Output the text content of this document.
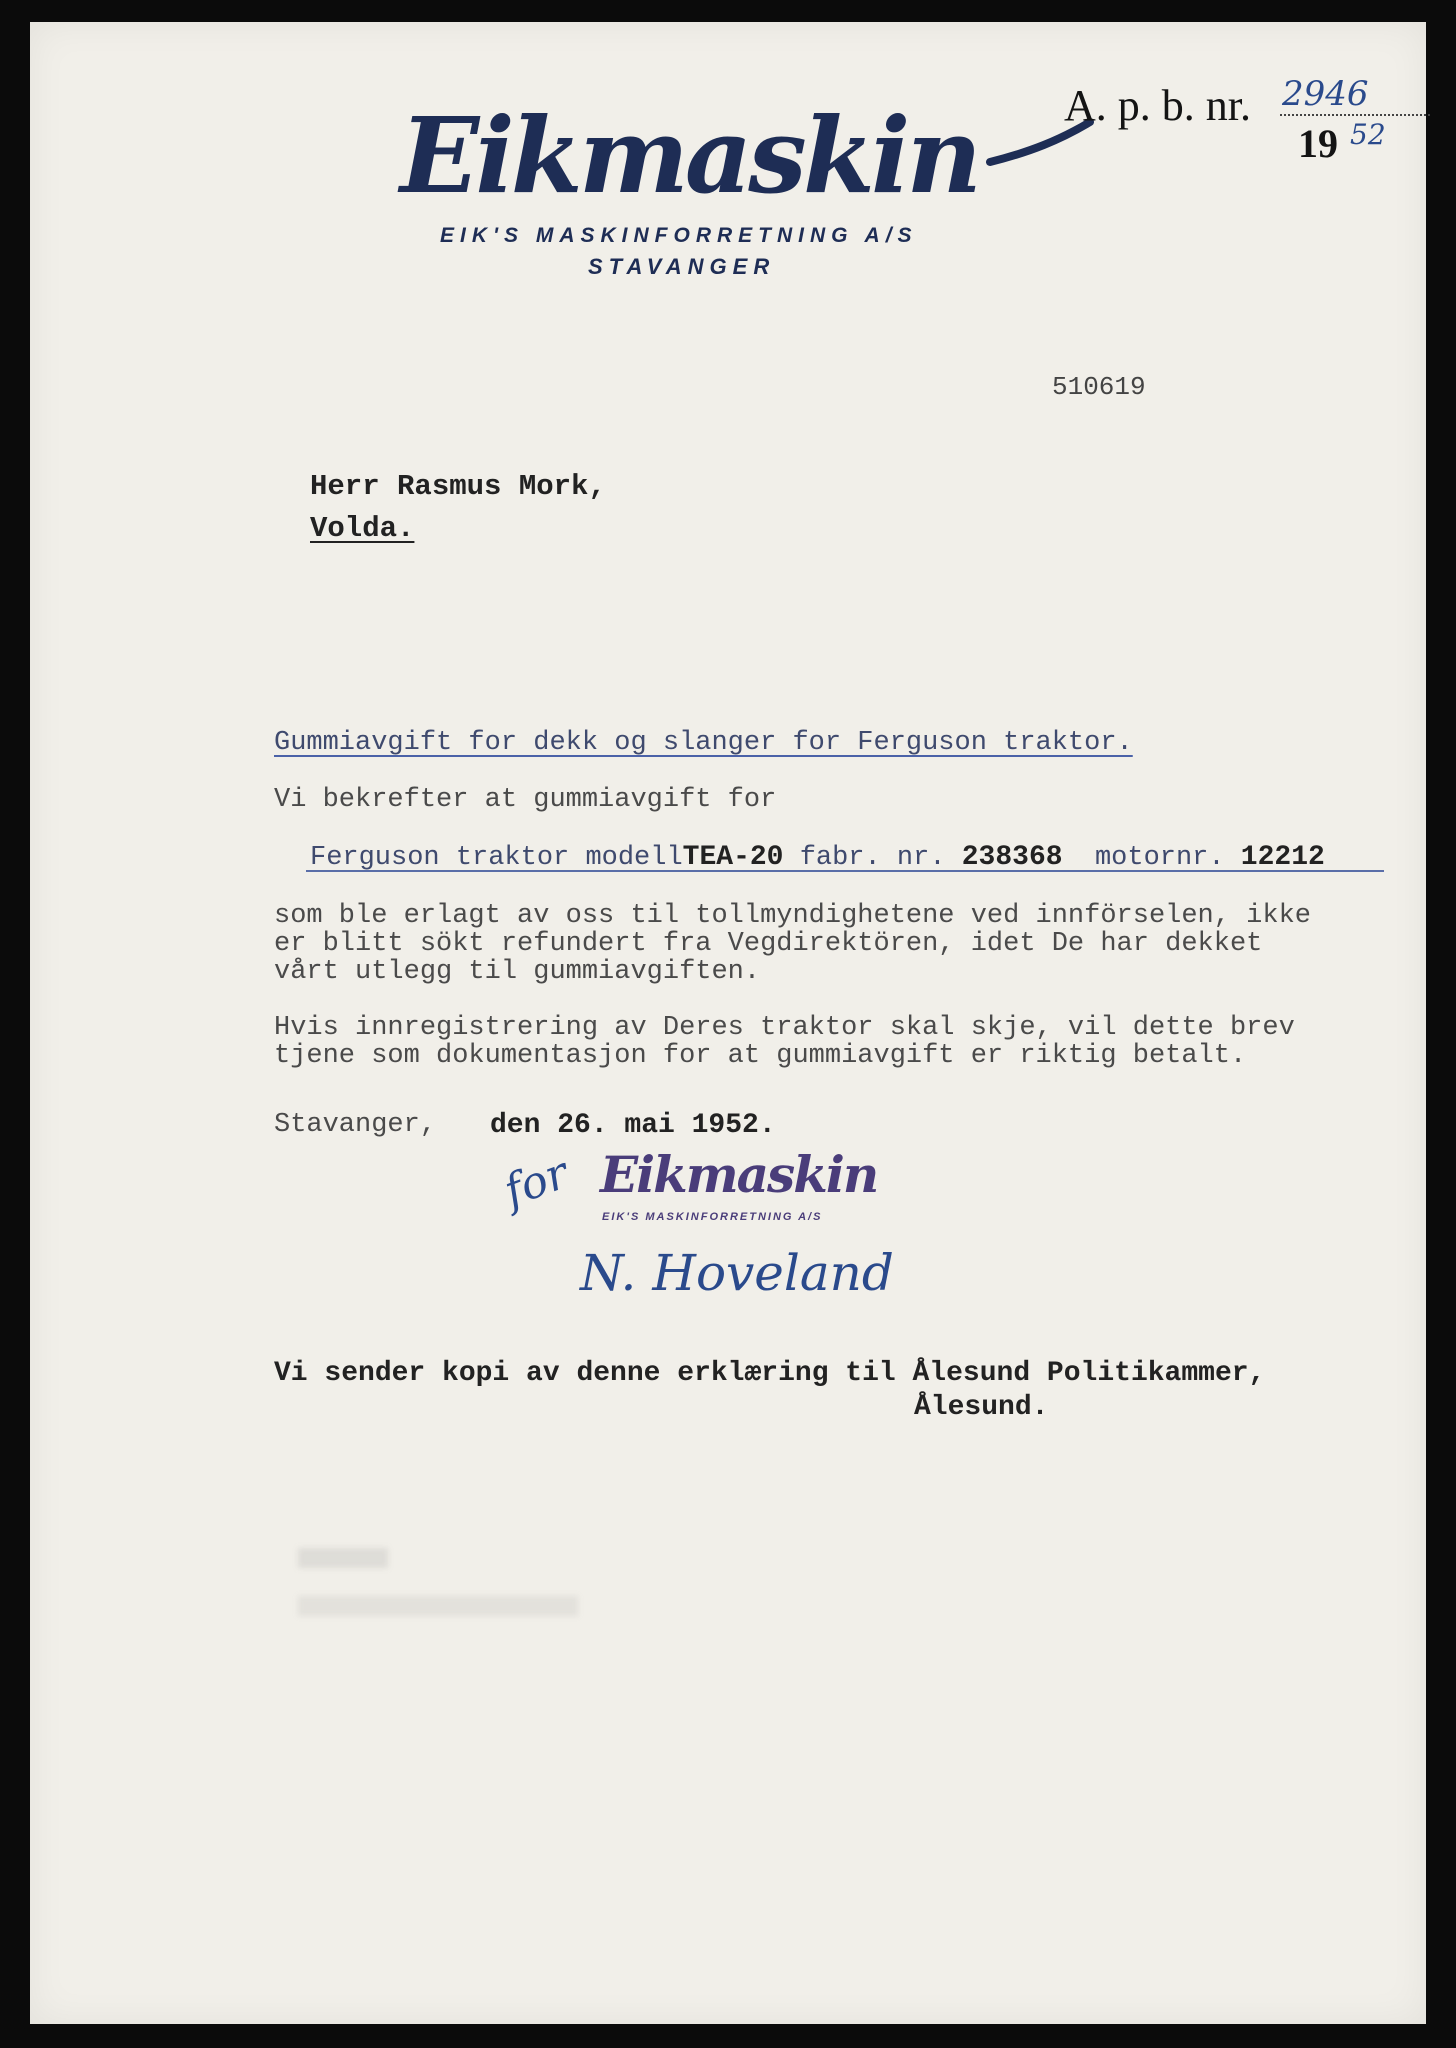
Eikmaskin
EIK'S MASKINFORRETNING A/S
STAVANGER
A. p. b. nr. 2946
19 52
510619
Herr Rasmus Mork,
Volda.
Gummiavgift for dekk og slanger for Ferguson traktor.
Vi bekrefter at gummiavgift for
Ferguson traktor modellTEA-20 fabr. nr. 238368 motornr. 12212
som ble erlagt av oss til tollmyndighetene ved innförselen, ikke
er blitt sökt refundert fra Vegdirektören, idet De har dekket
vårt utlegg til gummiavgiften.
Hvis innregistrering av Deres traktor skal skje, vil dette brev
tjene som dokumentasjon for at gummiavgift er riktig betalt.
Stavanger, den 26. mai 1952.
for Eikmaskin
EIK'S MASKINFORRETNING A/S
N. Hoveland
Vi sender kopi av denne erklæring til Ålesund Politikammer,
Ålesund.
